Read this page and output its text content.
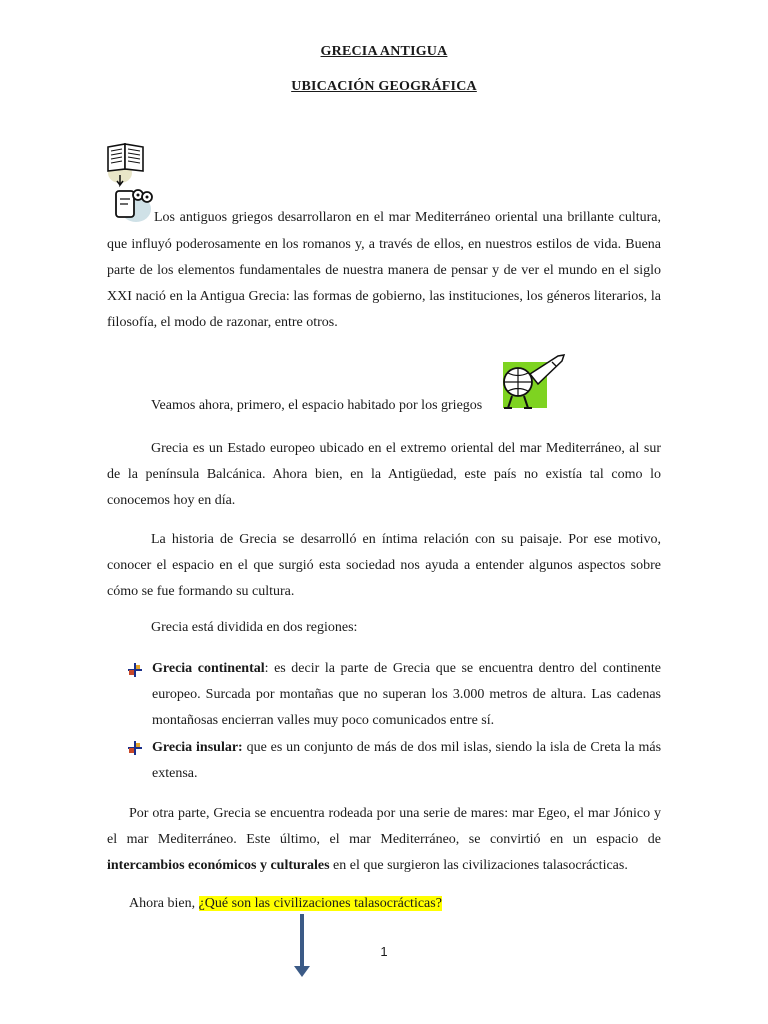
GRECIA ANTIGUA
UBICACIÓN GEOGRÁFICA
Los antiguos griegos desarrollaron en el mar Mediterráneo oriental una brillante cultura,

que influyó poderosamente en los romanos y, a través de ellos, en nuestros estilos de vida. Buena parte de los elementos fundamentales de nuestra manera de pensar y de ver el mundo en el siglo XXI nació en la Antigua Grecia: las formas de gobierno, las instituciones, los géneros literarios, la filosofía, el modo de razonar, entre otros.

Veamos ahora, primero, el espacio habitado por los griegos

Grecia es un Estado europeo ubicado en el extremo oriental del mar Mediterráneo, al sur de la península Balcánica. Ahora bien, en la Antigüedad, este país no existía tal como lo conocemos hoy en día.

La historia de Grecia se desarrolló en íntima relación con su paisaje. Por ese motivo, conocer el espacio en el que surgió esta sociedad nos ayuda a entender algunos aspectos sobre cómo se fue formando su cultura.

Grecia está dividida en dos regiones:

Grecia continental: es decir la parte de Grecia que se encuentra dentro del continente europeo. Surcada por montañas que no superan los 3.000 metros de altura. Las cadenas montañosas encierran valles muy poco comunicados entre sí.

Grecia insular: que es un conjunto de más de dos mil islas, siendo la isla de Creta la más extensa.

Por otra parte, Grecia se encuentra rodeada por una serie de mares: mar Egeo, el mar Jónico y el mar Mediterráneo. Este último, el mar Mediterráneo, se convirtió en un espacio de intercambios económicos y culturales en el que surgieron las civilizaciones talasocrácticas.

Ahora bien, ¿Qué son las civilizaciones talasocrácticas?
1
